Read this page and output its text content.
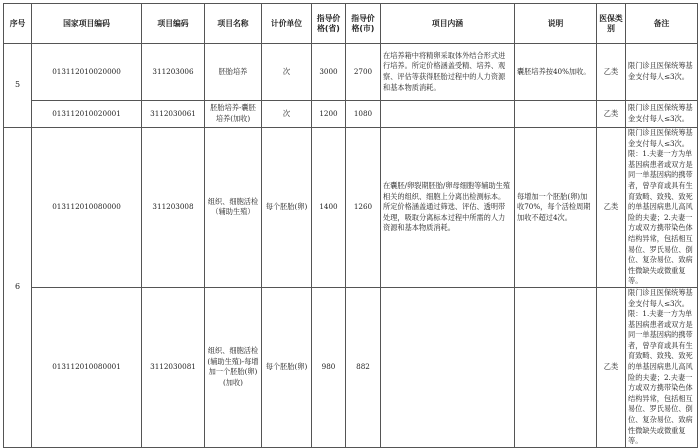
序号	国家项目编码	项目编码	项目名称	计价单位	指导价格(省)	指导价格(市)	项目内涵	说明	医保类别	备注
5	013112010020000	311203006	胚胎培养	次	3000	2700	在培养箱中将精卵采取体外结合形式进行培养。所定价格涵盖受精、培养、观察、评估等获得胚胎过程中的人力资源和基本物质消耗。	囊胚培养按40%加收。	乙类	限门诊且医保统筹基金支付每人≤3次。
	013112010020001	3112030061	胚胎培养-囊胚培养(加收)	次	1200	1080			乙类	限门诊且医保统筹基金支付每人≤3次。
6	013112010080000	311203008	组织、细胞活检（辅助生殖）	每个胚胎(卵)	1400	1260	在囊胚/卵裂期胚胎/卵母细胞等辅助生殖相关的组织、细胞上分离出检测标本。所定价格涵盖通过筛选、评估、透明带处理，吸取分离标本过程中所需的人力资源和基本物质消耗。	每增加一个胚胎(卵)加收70%，每个活检周期加收不超过4次。	乙类	限门诊且医保统筹基金支付每人≤3次。限：1.夫妻一方为单基因病患者或双方是同一单基因病的携带者，曾孕育或具有生育致畸、致残、致死的单基因病患儿高风险的夫妻；2.夫妻一方或双方携带染色体结构异常，包括相互易位、罗氏易位、倒位、复杂易位、致病性微缺失或微重复等。
	013112010080001	3112030081	组织、细胞活检(辅助生殖)-每增加一个胚胎(卵)(加收)	每个胚胎(卵)	980	882			乙类	限门诊且医保统筹基金支付每人≤3次。限：1.夫妻一方为单基因病患者或双方是同一单基因病的携带者，曾孕育或具有生育致畸、致残、致死的单基因病患儿高风险的夫妻；2.夫妻一方或双方携带染色体结构异常，包括相互易位、罗氏易位、倒位、复杂易位、致病性微缺失或微重复等。
